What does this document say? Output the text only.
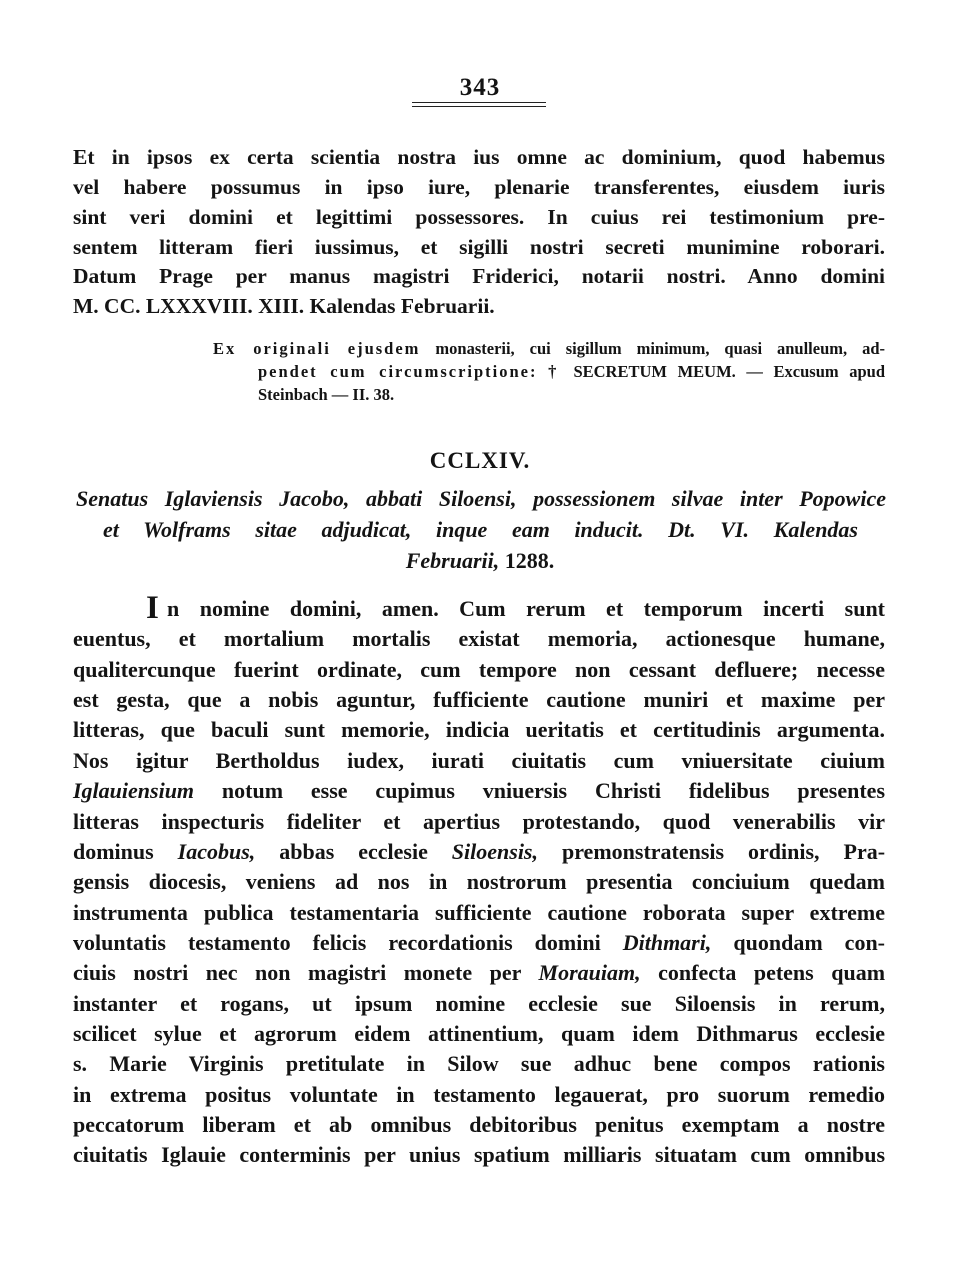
343
Et in ipsos ex certa scientia nostra ius omne ac dominium, quod habemus
vel habere possumus in ipso iure, plenarie transferentes, eiusdem iuris
sint veri domini et legittimi possessores. In cuius rei testimonium pre-
sentem litteram fieri iussimus, et sigilli nostri secreti munimine roborari.
Datum Prage per manus magistri Friderici, notarii nostri. Anno domini
M. CC. LXXXVIII. XIII. Kalendas Februarii.
Ex originali ejusdem monasterii, cui sigillum minimum, quasi anulleum, ad-
pendet cum circumscriptione: † SECRETUM MEUM. — Excusum apud
Steinbach — II. 38.
CCLXIV.
Senatus Iglaviensis Jacobo, abbati Siloensi, possessionem silvae inter Popowice
et Wolframs sitae adjudicat, inque eam inducit. Dt. VI. Kalendas
Februarii, 1288.
I n nomine domini, amen. Cum rerum et temporum incerti sunt
euentus, et mortalium mortalis existat memoria, actionesque humane,
qualitercunque fuerint ordinate, cum tempore non cessant defluere; necesse
est gesta, que a nobis aguntur, fufficiente cautione muniri et maxime per
litteras, que baculi sunt memorie, indicia ueritatis et certitudinis argumenta.
Nos igitur Bertholdus iudex, iurati ciuitatis cum vniuersitate ciuium
Iglauiensium notum esse cupimus vniuersis Christi fidelibus presentes
litteras inspecturis fideliter et apertius protestando, quod venerabilis vir
dominus Iacobus, abbas ecclesie Siloensis, premonstratensis ordinis, Pra-
gensis diocesis, veniens ad nos in nostrorum presentia conciuium quedam
instrumenta publica testamentaria sufficiente cautione roborata super extreme
voluntatis testamento felicis recordationis domini Dithmari, quondam con-
ciuis nostri nec non magistri monete per Morauiam, confecta petens quam
instanter et rogans, ut ipsum nomine ecclesie sue Siloensis in rerum,
scilicet sylue et agrorum eidem attinentium, quam idem Dithmarus ecclesie
s. Marie Virginis pretitulate in Silow sue adhuc bene compos rationis
in extrema positus voluntate in testamento legauerat, pro suorum remedio
peccatorum liberam et ab omnibus debitoribus penitus exemptam a nostre
ciuitatis Iglauie conterminis per unius spatium milliaris situatam cum omnibus
